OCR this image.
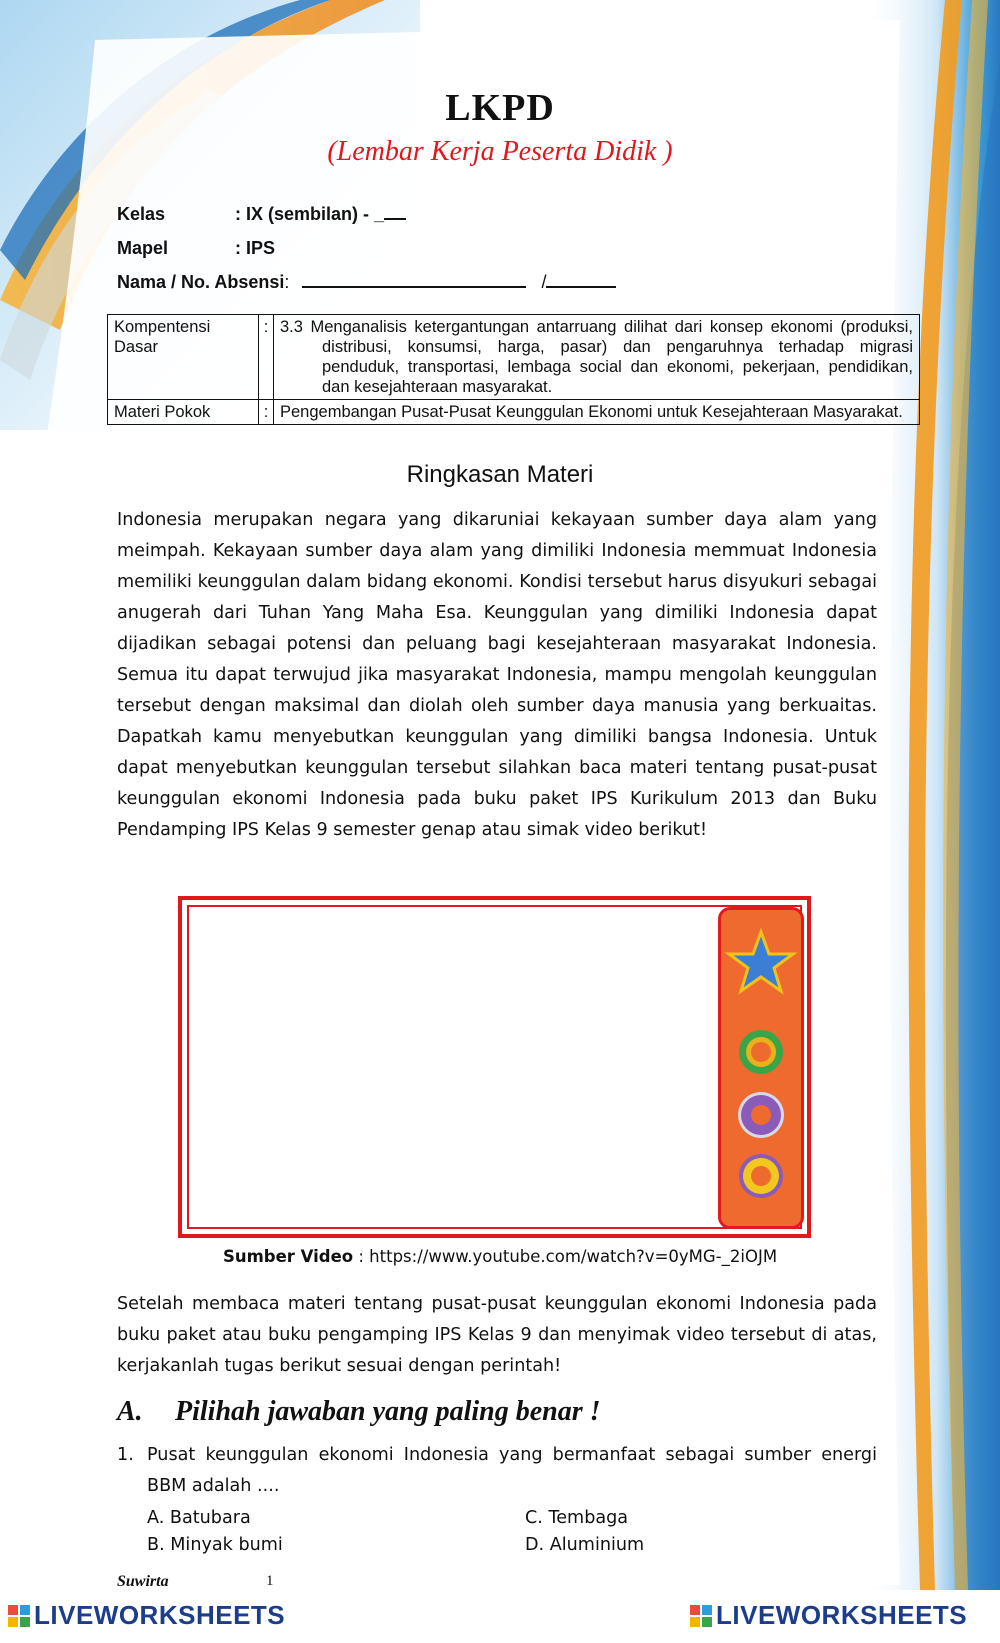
LKPD
(Lembar Kerja Peserta Didik )
Kelas	: IX (sembilan) - _
Mapel	: IPS
Nama / No. Absensi:	/
Kompentensi Dasar	:	3.3 Menganalisis ketergantungan antarruang dilihat dari konsep ekonomi (produksi, distribusi, konsumsi, harga, pasar) dan pengaruhnya terhadap migrasi penduduk, transportasi, lembaga social dan ekonomi, pekerjaan, pendidikan, dan kesejahteraan masyarakat.

Materi Pokok	:	Pengembangan Pusat-Pusat Keunggulan Ekonomi untuk Kesejahteraan Masyarakat.
Ringkasan Materi
Indonesia merupakan negara yang dikaruniai kekayaan sumber daya alam yang meimpah. Kekayaan sumber daya alam yang dimiliki Indonesia memmuat Indonesia memiliki keunggulan dalam bidang ekonomi. Kondisi tersebut harus disyukuri sebagai anugerah dari Tuhan Yang Maha Esa. Keunggulan yang dimiliki Indonesia dapat dijadikan sebagai potensi dan peluang bagi kesejahteraan masyarakat Indonesia. Semua itu dapat terwujud jika masyarakat Indonesia, mampu mengolah keunggulan tersebut dengan maksimal dan diolah oleh sumber daya manusia yang berkuaitas. Dapatkah kamu menyebutkan keunggulan yang dimiliki bangsa Indonesia. Untuk dapat menyebutkan keunggulan tersebut silahkan baca materi tentang pusat-pusat keunggulan ekonomi Indonesia pada buku paket IPS Kurikulum 2013 dan Buku Pendamping IPS Kelas 9 semester genap atau simak video berikut!
Sumber Video : https://www.youtube.com/watch?v=0yMG-_2iOJM
Setelah membaca materi tentang pusat-pusat keunggulan ekonomi Indonesia pada buku paket atau buku pengamping IPS Kelas 9 dan menyimak video tersebut di atas, kerjakanlah tugas berikut sesuai dengan perintah!
A. Pilihah jawaban yang paling benar !
1. Pusat keunggulan ekonomi Indonesia yang bermanfaat sebagai sumber energi BBM adalah ....
A. Batubara
B. Minyak bumi
C. Tembaga
D. Aluminium
Suwirta	1
LIVEWORKSHEETS	LIVEWORKSHEETS
